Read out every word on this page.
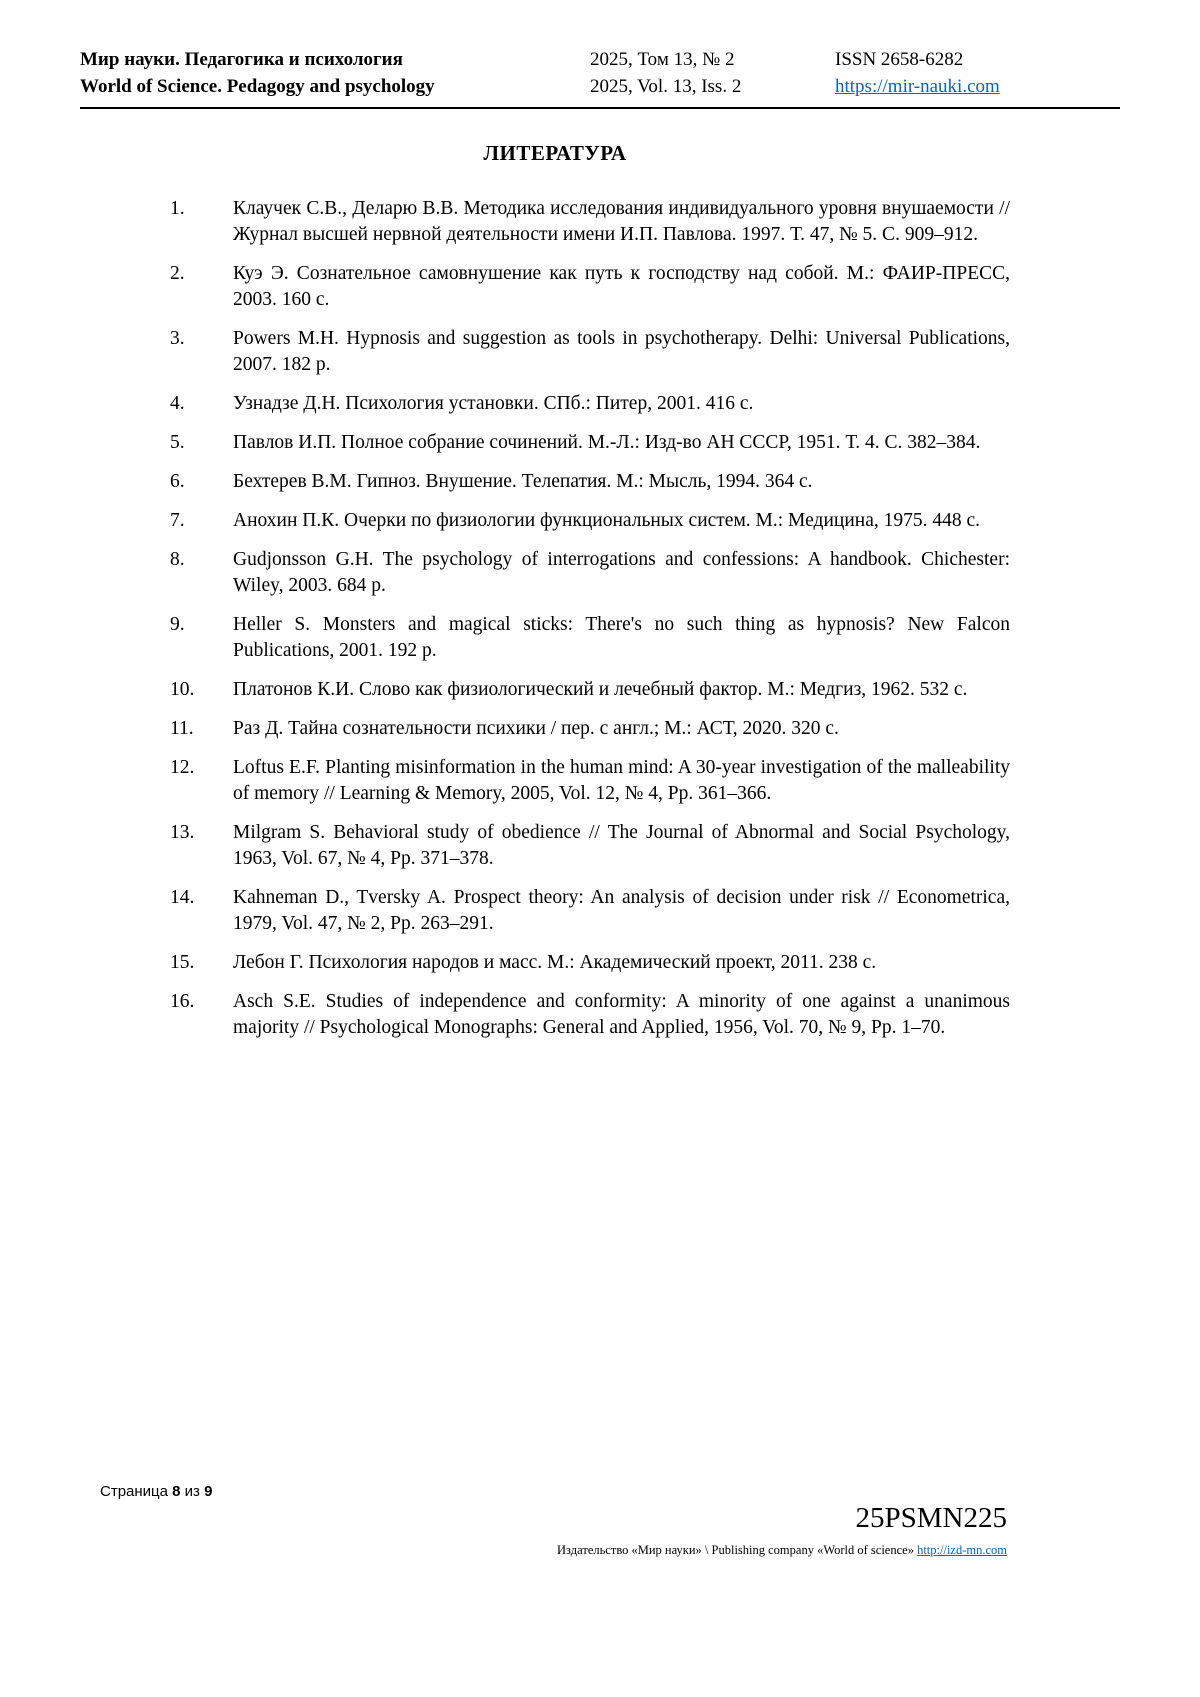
Мир науки. Педагогика и психология
World of Science. Pedagogy and psychology
2025, Том 13, № 2
2025, Vol. 13, Iss. 2
ISSN 2658-6282
https://mir-nauki.com
ЛИТЕРАТУРА
1.	Клаучек С.В., Деларю В.В. Методика исследования индивидуального уровня внушаемости // Журнал высшей нервной деятельности имени И.П. Павлова. 1997. Т. 47, № 5. С. 909–912.
2.	Куэ Э. Сознательное самовнушение как путь к господству над собой. М.: ФАИР-ПРЕСС, 2003. 160 с.
3.	Powers M.H. Hypnosis and suggestion as tools in psychotherapy. Delhi: Universal Publications, 2007. 182 p.
4.	Узнадзе Д.Н. Психология установки. СПб.: Питер, 2001. 416 с.
5.	Павлов И.П. Полное собрание сочинений. М.-Л.: Изд-во АН СССР, 1951. Т. 4. С. 382–384.
6.	Бехтерев В.М. Гипноз. Внушение. Телепатия. М.: Мысль, 1994. 364 с.
7.	Анохин П.К. Очерки по физиологии функциональных систем. М.: Медицина, 1975. 448 с.
8.	Gudjonsson G.H. The psychology of interrogations and confessions: A handbook. Chichester: Wiley, 2003. 684 p.
9.	Heller S. Monsters and magical sticks: There's no such thing as hypnosis? New Falcon Publications, 2001. 192 p.
10.	Платонов К.И. Слово как физиологический и лечебный фактор. М.: Медгиз, 1962. 532 с.
11.	Раз Д. Тайна сознательности психики / пер. с англ.; М.: АСТ, 2020. 320 с.
12.	Loftus E.F. Planting misinformation in the human mind: A 30-year investigation of the malleability of memory // Learning & Memory, 2005, Vol. 12, № 4, Pp. 361–366.
13.	Milgram S. Behavioral study of obedience // The Journal of Abnormal and Social Psychology, 1963, Vol. 67, № 4, Pp. 371–378.
14.	Kahneman D., Tversky A. Prospect theory: An analysis of decision under risk // Econometrica, 1979, Vol. 47, № 2, Pp. 263–291.
15.	Лебон Г. Психология народов и масс. М.: Академический проект, 2011. 238 с.
16.	Asch S.E. Studies of independence and conformity: A minority of one against a unanimous majority // Psychological Monographs: General and Applied, 1956, Vol. 70, № 9, Pp. 1–70.
Страница 8 из 9
25PSMN225
Издательство «Мир науки» \ Publishing company «World of science» http://izd-mn.com
